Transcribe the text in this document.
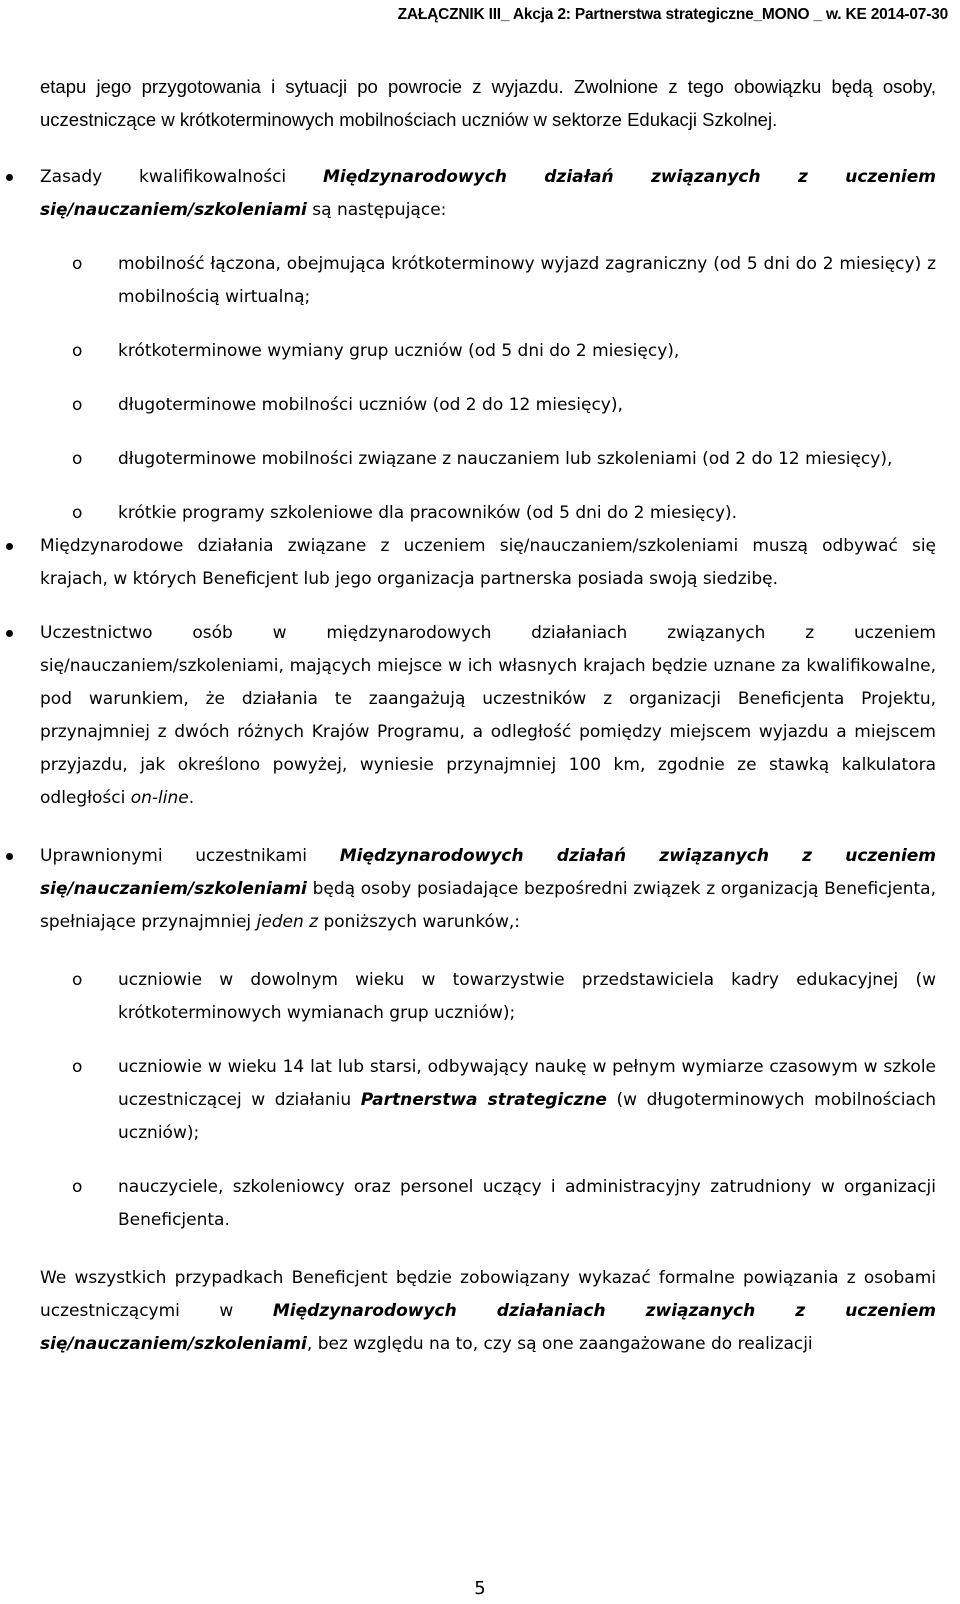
ZAŁĄCZNIK III_ Akcja 2: Partnerstwa strategiczne_MONO _ w. KE 2014-07-30

etapu jego przygotowania i sytuacji po powrocie z wyjazdu. Zwolnione z tego obowiązku będą osoby, uczestniczące w krótkoterminowych mobilnościach uczniów w sektorze Edukacji Szkolnej.

Zasady kwalifikowalności Międzynarodowych działań związanych z uczeniem się/nauczaniem/szkoleniami są następujące:
o mobilność łączona, obejmująca krótkoterminowy wyjazd zagraniczny (od 5 dni do 2 miesięcy) z mobilnością wirtualną;
o krótkoterminowe wymiany grup uczniów (od 5 dni do 2 miesięcy),
o długoterminowe mobilności uczniów (od 2 do 12 miesięcy),
o długoterminowe mobilności związane z nauczaniem lub szkoleniami (od 2 do 12 miesięcy),
o krótkie programy szkoleniowe dla pracowników (od 5 dni do 2 miesięcy).
Międzynarodowe działania związane z uczeniem się/nauczaniem/szkoleniami muszą odbywać się krajach, w których Beneficjent lub jego organizacja partnerska posiada swoją siedzibę.
Uczestnictwo osób w międzynarodowych działaniach związanych z uczeniem się/nauczaniem/szkoleniami, mających miejsce w ich własnych krajach będzie uznane za kwalifikowalne, pod warunkiem, że działania te zaangażują uczestników z organizacji Beneficjenta Projektu, przynajmniej z dwóch różnych Krajów Programu, a odległość pomiędzy miejscem wyjazdu a miejscem przyjazdu, jak określono powyżej, wyniesie przynajmniej 100 km, zgodnie ze stawką kalkulatora odległości on-line.
Uprawnionymi uczestnikami Międzynarodowych działań związanych z uczeniem się/nauczaniem/szkoleniami będą osoby posiadające bezpośredni związek z organizacją Beneficjenta, spełniające przynajmniej jeden z poniższych warunków,:
o uczniowie w dowolnym wieku w towarzystwie przedstawiciela kadry edukacyjnej (w krótkoterminowych wymianach grup uczniów);
o uczniowie w wieku 14 lat lub starsi, odbywający naukę w pełnym wymiarze czasowym w szkole uczestniczącej w działaniu Partnerstwa strategiczne (w długoterminowych mobilnościach uczniów);
o nauczyciele, szkoleniowcy oraz personel uczący i administracyjny zatrudniony w organizacji Beneficjenta.

We wszystkich przypadkach Beneficjent będzie zobowiązany wykazać formalne powiązania z osobami uczestniczącymi w Międzynarodowych działaniach związanych z uczeniem się/nauczaniem/szkoleniami, bez względu na to, czy są one zaangażowane do realizacji

5
